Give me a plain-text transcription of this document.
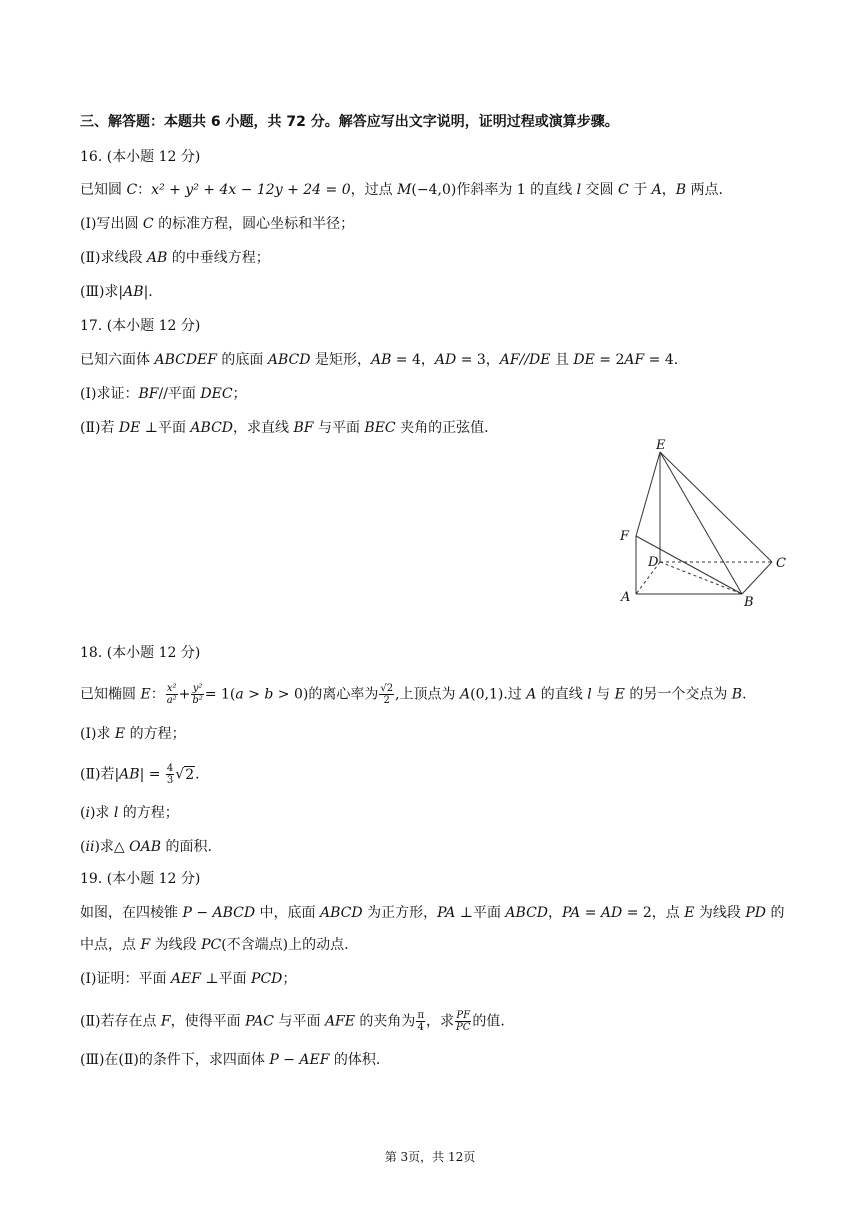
三、解答题：本题共 6 小题，共 72 分。解答应写出文字说明，证明过程或演算步骤。
16. (本小题 12 分)
已知圆 C：x² + y² + 4x − 12y + 24 = 0，过点 M(−4,0)作斜率为 1 的直线 l 交圆 C 于 A，B 两点.
(Ⅰ)写出圆 C 的标准方程，圆心坐标和半径；
(Ⅱ)求线段 AB 的中垂线方程；
(Ⅲ)求|AB|.
17. (本小题 12 分)
已知六面体 ABCDEF 的底面 ABCD 是矩形，AB = 4，AD = 3，AF//DE 且 DE = 2AF = 4.
(Ⅰ)求证：BF//平面 DEC；
(Ⅱ)若 DE ⊥平面 ABCD，求直线 BF 与平面 BEC 夹角的正弦值.
E
F
D	C
A	B
18. (本小题 12 分)
已知椭圆 E： $\frac{\text{x²}}{\text{a²}} + \frac{\text{y²}}{\text{b²}} = 1(a > b > 0)$的离心率为 $\frac{√2}{2}$ ,上顶点为 A(0,1).过 A 的直线 l 与 E 的另一个交点为 B.
(Ⅰ)求 E 的方程；
(Ⅱ)若$|AB| = \frac{4}{3} √2$.
(i)求 l 的方程；
(ii)求△ OAB 的面积.
19. (本小题 12 分)
如图，在四棱锥 P − ABCD 中，底面 ABCD 为正方形，PA ⊥平面 ABCD，PA = AD = 2，点 E 为线段 PD 的
中点，点 F 为线段 PC(不含端点)上的动点.
(Ⅰ)证明：平面 AEF ⊥平面 PCD；
(Ⅱ)若存在点 F，使得平面 PAC 与平面 AFE 的夹角为 $\frac{\pi}{4}$ ，求 $\frac{PF}{PC}$ 的值.
(Ⅲ)在(Ⅱ)的条件下，求四面体 P − AEF 的体积.
第 3页，共 12页
